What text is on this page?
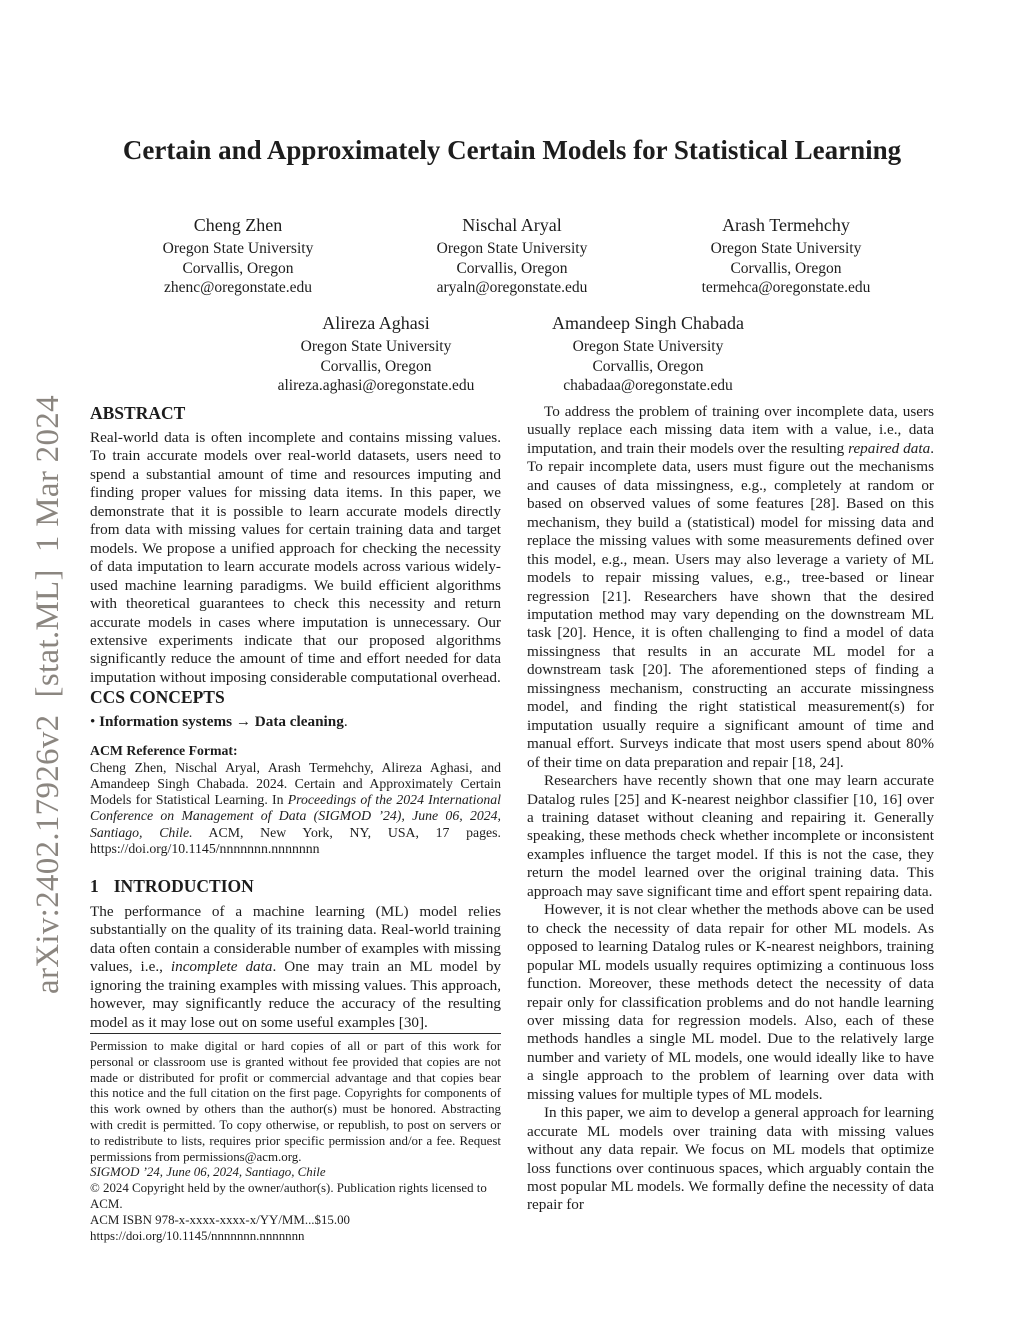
arXiv:2402.17926v2  [stat.ML]  1 Mar 2024
Certain and Approximately Certain Models for Statistical Learning
Cheng Zhen
Oregon State University
Corvallis, Oregon
zhenc@oregonstate.edu
Nischal Aryal
Oregon State University
Corvallis, Oregon
aryaln@oregonstate.edu
Arash Termehchy
Oregon State University
Corvallis, Oregon
termehca@oregonstate.edu
Alireza Aghasi
Oregon State University
Corvallis, Oregon
alireza.aghasi@oregonstate.edu
Amandeep Singh Chabada
Oregon State University
Corvallis, Oregon
chabadaa@oregonstate.edu
ABSTRACT

Real-world data is often incomplete and contains missing values. To train accurate models over real-world datasets, users need to spend a substantial amount of time and resources imputing and finding proper values for missing data items. In this paper, we demonstrate that it is possible to learn accurate models directly from data with missing values for certain training data and target models. We propose a unified approach for checking the necessity of data imputation to learn accurate models across various widely-used machine learning paradigms. We build efficient algorithms with theoretical guarantees to check this necessity and return accurate models in cases where imputation is unnecessary. Our extensive experiments indicate that our proposed algorithms significantly reduce the amount of time and effort needed for data imputation without imposing considerable computational overhead.

CCS CONCEPTS

• Information systems → Data cleaning.

ACM Reference Format:

Cheng Zhen, Nischal Aryal, Arash Termehchy, Alireza Aghasi, and Amandeep Singh Chabada. 2024. Certain and Approximately Certain Models for Statistical Learning. In Proceedings of the 2024 International Conference on Management of Data (SIGMOD ’24), June 06, 2024, Santiago, Chile. ACM, New York, NY, USA, 17 pages. https://doi.org/10.1145/nnnnnnn.nnnnnnn

1 INTRODUCTION

The performance of a machine learning (ML) model relies substantially on the quality of its training data. Real-world training data often contain a considerable number of examples with missing values, i.e., incomplete data. One may train an ML model by ignoring the training examples with missing values. This approach, however, may significantly reduce the accuracy of the resulting model as it may lose out on some useful examples [30].

To address the problem of training over incomplete data, users usually replace each missing data item with a value, i.e., data imputation, and train their models over the resulting repaired data. To repair incomplete data, users must figure out the mechanisms and causes of data missingness, e.g., completely at random or based on observed values of some features [28]. Based on this mechanism, they build a (statistical) model for missing data and replace the missing values with some measurements defined over this model, e.g., mean. Users may also leverage a variety of ML models to repair missing values, e.g., tree-based or linear regression [21]. Researchers have shown that the desired imputation method may vary depending on the downstream ML task [20]. Hence, it is often challenging to find a model of data missingness that results in an accurate ML model for a downstream task [20]. The aforementioned steps of finding a missingness mechanism, constructing an accurate missingness model, and finding the right statistical measurement(s) for imputation usually require a significant amount of time and manual effort. Surveys indicate that most users spend about 80% of their time on data preparation and repair [18, 24].

Researchers have recently shown that one may learn accurate Datalog rules [25] and K-nearest neighbor classifier [10, 16] over a training dataset without cleaning and repairing it. Generally speaking, these methods check whether incomplete or inconsistent examples influence the target model. If this is not the case, they return the model learned over the original training data. This approach may save significant time and effort spent repairing data.

However, it is not clear whether the methods above can be used to check the necessity of data repair for other ML models. As opposed to learning Datalog rules or K-nearest neighbors, training popular ML models usually requires optimizing a continuous loss function. Moreover, these methods detect the necessity of data repair only for classification problems and do not handle learning over missing data for regression models. Also, each of these methods handles a single ML model. Due to the relatively large number and variety of ML models, one would ideally like to have a single approach to the problem of learning over data with missing values for multiple types of ML models.

In this paper, we aim to develop a general approach for learning accurate ML models over training data with missing values without any data repair. We focus on ML models that optimize loss functions over continuous spaces, which arguably contain the most popular ML models. We formally define the necessity of data repair for

Permission to make digital or hard copies of all or part of this work for personal or classroom use is granted without fee provided that copies are not made or distributed for profit or commercial advantage and that copies bear this notice and the full citation on the first page. Copyrights for components of this work owned by others than the author(s) must be honored. Abstracting with credit is permitted. To copy otherwise, or republish, to post on servers or to redistribute to lists, requires prior specific permission and/or a fee. Request permissions from permissions@acm.org.

SIGMOD ’24, June 06, 2024, Santiago, Chile

© 2024 Copyright held by the owner/author(s). Publication rights licensed to ACM.

ACM ISBN 978-x-xxxx-xxxx-x/YY/MM...$15.00

https://doi.org/10.1145/nnnnnnn.nnnnnnn
